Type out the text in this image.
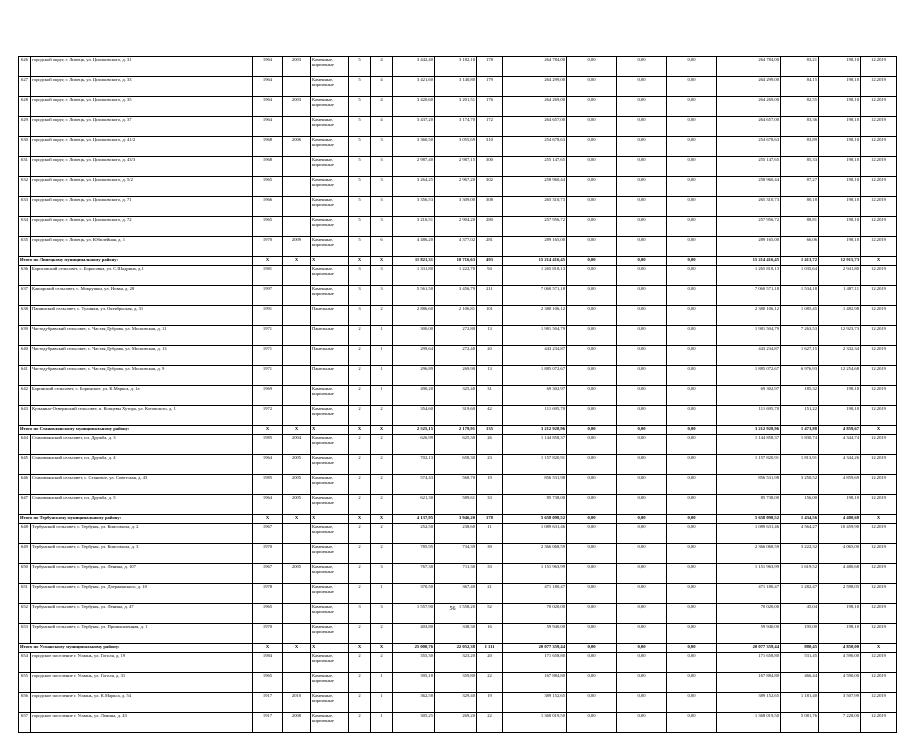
626	городской округ, г. Липецк, ул. Циолковского, д. 31	1964	2003	Каменные, кирпичные	5	4	3 442,40	3 182,10	178	264 784,00	0,00	0,00	0,00	264 784,00	83,21	198,10	12.2019
627	городской округ, г. Липецк, ул. Циолковского, д. 33	1964		Каменные, кирпичные	5	4	3 421,60	3 140,80	179	264 299,00	0,00	0,00	0,00	264 299,00	84,15	198,10	12.2019
628	городской округ, г. Липецк, ул. Циолковского, д. 35	1964	2003	Каменные, кирпичные	5	4	3 420,60	3 201,51	176	264 269,00	0,00	0,00	0,00	264 269,00	82,55	198,10	12.2019
629	городской округ, г. Липецк, ул. Циолковского, д. 37	1964		Каменные, кирпичные	5	4	3 437,20	3 174,70	172	264 657,00	0,00	0,00	0,00	264 657,00	83,36	198,10	12.2019
630	городской округ, г. Липецк, ул. Циолковского, д. 41/2	1968	2006	Каменные, кирпичные	5	3	3 360,50	3 055,69	310	254 678,63	0,00	0,00	0,00	254 678,63	83,89	198,10	12.2019
631	городской округ, г. Липецк, ул. Циолковского, д. 43/3	1968		Каменные, кирпичные	5	3	2 987,40	2 987,15	300	255 147,65	0,00	0,00	0,00	255 147,65	85,33	198,10	12.2019
632	городской округ, г. Липецк, ул. Циолковского, д. 5/2	1965		Каменные, кирпичные	5	3	3 264,25	2 967,20	302	258 960,44	0,00	0,00	0,00	258 960,44	87,27	198,10	12.2019
633	городской округ, г. Липецк, ул. Циолковского, д. 71	1966		Каменные, кирпичные	5	3	3 356,53	3 309,00	308	265 310,73	0,00	0,00	0,00	265 310,73	80,18	198,10	12.2019
634	городской округ, г. Липецк, ул. Циолковского, д. 72	1965		Каменные, кирпичные	5	3	3 216,51	2 904,20	280	257 956,72	0,00	0,00	0,00	257 956,72	88,81	198,10	12.2019
635	городской округ, г. Липецк, ул. Юбилейная, д. 1	1970	2009	Каменные, кирпичные	5	6	4 486,20	4 377,02	281	289 165,00	0,00	0,00	0,00	289 165,00	66,06	198,10	12.2019
Итого по Липецкому муниципальному району:		X	X	X	X	X	11 821,31	10 716,63	493	15 214 416,45	0,00	0,00	0,00	15 214 416,45	1 413,72	12 915,73	X
636	Борисовский сельсовет, с. Борисовка, ул. С.Шадрина, д.1	1981		Каменные, кирпичные	3	3	1 331,80	1 222,70	94	1 265 818,13	0,00	0,00	0,00	1 265 818,13	1 035,64	2 941,80	12.2019
637	Кашарский сельсовет, с. Мокрушки, ул. Новая, д. 28	1997		Каменные, кирпичные	3	3	5 561,50	3 456,79	211	7 060 571,18	0,00	0,00	0,00	7 060 571,18	1 534,18	1 487,11	12.2019
638	Пашинский сельсовет, с. Тулинки, ул. Октябрьская, д. 31	1991		Панельные	3	2	2 886,60	2 106,81	101	2 380 106,12	0,00	0,00	0,00	2 380 106,12	1 085,45	1 482,98	12.2019
639	Частодубравский сельсовет, с. Частая Дубрава, ул. Московская, д. 11	1971		Панельные	2	1	300,00	272,80	13	1 981 504,79	0,00	0,00	0,00	1 981 504,79	7 263,53	12 923,73	12.2019
640	Частодубравский сельсовет, с. Частая Дубрава, ул. Московская, д. 13	1971		Панельные	2	1	299,64	272,40	20	443 234,87	0,00	0,00	0,00	443 234,87	1 627,15	2 332,34	12.2019
641	Частодубравский сельсовет, с. Частая Дубрава, ул. Московская, д. 9	1971		Панельные	2	1	296,89	269,90	13	1 885 072,67	0,00	0,00	0,00	1 885 072,67	6 976,93	12 254,68	12.2019
642	Боринский сельсовет, с. Боринское, ул. К.Маркса, д. 1а	1969		Каменные, кирпичные	2	1	490,20	325,40	31	69 302,97	0,00	0,00	0,00	69 302,97	185,32	198,10	12.2019
643	Кузьмино-Отвержский сельсовет, п. Копцевы Хутора, ул. Котовского, д. 1	1972		Каменные, кирпичные	2	2	354,60	319,60	42	111 695,70	0,00	0,00	0,00	111 695,70	151,22	198,10	12.2019
Итого по Становлянскому муниципальному району:		X	X	X	X	X	2 525,15	2 179,91	135	3 212 928,96	0,00	0,00	0,00	3 212 928,96	1 473,88	4 859,67	X
644	Становлянский сельсовет, пл. Дружба, д. 3	1985	2004	Каменные, кирпичные	2	2	626,99	625,30	26	1 144 858,37	0,00	0,00	0,00	1 144 858,37	1 830,74	4 344,74	12.2019
645	Становлянский сельсовет, пл. Дружба, д. 4	1964	2005	Каменные, кирпичные	2	2	702,13	658,30	23	1 157 820,91	0,00	0,00	0,00	1 157 820,91	1 813,91	4 344,26	12.2019
646	Становлянский сельсовет, с. Становое, ул. Советская, д. 43	1985	2005	Каменные, кирпичные	2	2	574,43	568,70	19	856 531,98	0,00	0,00	0,00	856 531,98	3 250,52	4 859,69	12.2019
647	Становлянский сельсовет, пл. Дружба, д. 5	1964	2005	Каменные, кирпичные	2	2	621,30	589,61	33	85 738,00	0,00	0,00	0,00	85 738,00	156,00	198,10	12.2019
Итого по Тербунскому муниципальному району:		X	X	X	X	X	4 137,95	3 946,20	178	5 658 098,52	0,00	0,00	0,00	5 658 098,52	1 434,56	4 480,68	X
648	Тербунский сельсовет, с. Тербуны, ул. Комсомола, д. 2	1967		Каменные, кирпичные	2	2	252,50	238,60	11	1 089 631,46	0,00	0,00	0,00	1 089 631,46	4 564,27	10 459,90	12.2019
649	Тербунский сельсовет, с. Тербуны, ул. Комсомола, д. 3	1970		Каменные, кирпичные	2	2	785,95	734,39	39	2 366 068,59	0,00	0,00	0,00	2 366 068,59	3 222,32	4 065,00	12.2019
650	Тербунский сельсовет, с. Тербуны, ул. Ленина, д. 107	1967	2005	Каменные, кирпичные	2	3	767,30	711,30	33	1 151 963,99	0,00	0,00	0,00	1 151 963,99	1 619,52	4 480,68	12.2019
651	Тербунский сельсовет, с. Тербуны, ул. Дзержинского, д. 10	1978		Каменные, кирпичные	2	1	370,50	367,40	21	471 180,47	0,00	0,00	0,00	471 180,47	1 282,47	2 598,05	12.2019
652	Тербунский сельсовет, с. Тербуны, ул. Ленина, д. 47	1965		Каменные, кирпичные	3	3	1 557,90	1 558,20	52	70 020,00	0,00	0,00	0,00	70 020,00	45,04	198,10	12.2019
653	Тербунский сельсовет, с. Тербуны, ул. Промышленная, д. 1	1970		Каменные, кирпичные	2	2	403,80	338,30	16	59 940,00	0,00	0,00	0,00	59 940,00	195,00	198,10	12.2019
Итого по Усманскому муниципальному району:		X	X	X	X	X	25 000,76	22 052,38	1 111	20 077 359,44	0,00	0,00	0,00	20 077 359,44	880,45	4 850,00	X
654	городское поселение г. Усмань, ул. Гоголя, д. 19	1984		Каменные, кирпичные	2	2	355,30	323,20	20	171 658,80	0,00	0,00	0,00	171 658,80	531,45	4 590,00	12.2019
655	городское поселение г. Усмань, ул. Гоголя, д. 31	1965		Каменные, кирпичные	2	1	395,18	359,80	22	167 884,80	0,00	0,00	0,00	167 884,80	466,44	4 590,00	12.2019
656	городское поселение г. Усмань, ул. К.Маркса, д. 54	1917	2010	Каменные, кирпичные	2	1	362,58	329,40	19	389 152,65	0,00	0,00	0,00	389 152,65	1 181,40	3 507,99	12.2019
657	городское поселение г. Усмань, ул. Ленина, д. 43	1917	2008	Каменные, кирпичные	2	1	305,25	269,20	22	1 368 019,50	0,00	0,00	0,00	1 368 019,50	5 081,76	7 228,00	12.2019
56
